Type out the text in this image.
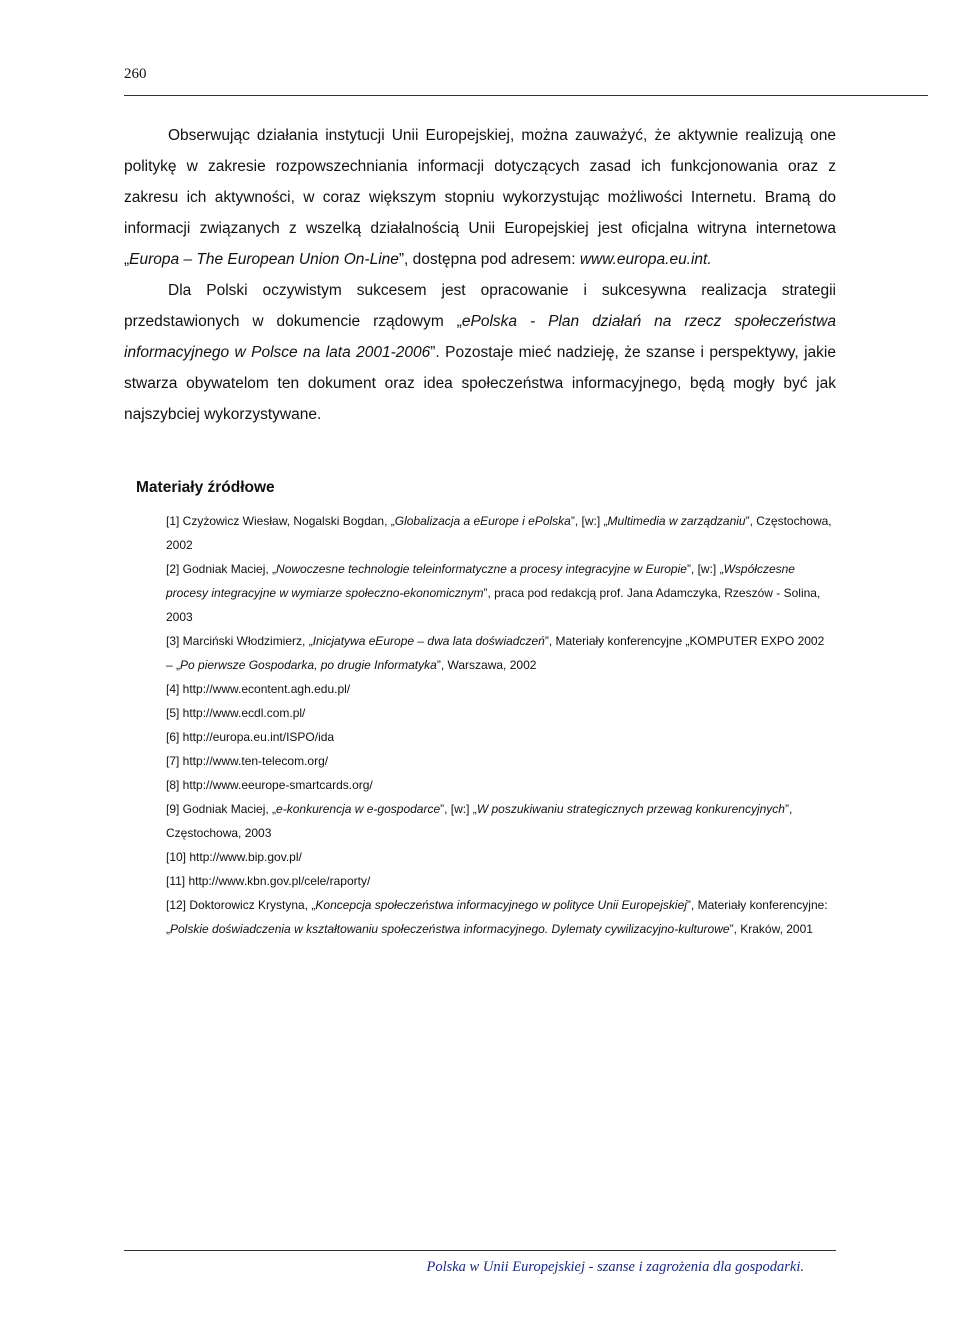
260

Obserwując działania instytucji Unii Europejskiej, można zauważyć, że aktywnie realizują one politykę w zakresie rozpowszechniania informacji dotyczących zasad ich funkcjonowania oraz z zakresu ich aktywności, w coraz większym stopniu wykorzystując możliwości Internetu. Bramą do informacji związanych z wszelką działalnością Unii Europejskiej jest oficjalna witryna internetowa „Europa – The European Union On-Line”, dostępna pod adresem: www.europa.eu.int.

Dla Polski oczywistym sukcesem jest opracowanie i sukcesywna realizacja strategii przedstawionych w dokumencie rządowym „ePolska - Plan działań na rzecz społeczeństwa informacyjnego w Polsce na lata 2001-2006”. Pozostaje mieć nadzieję, że szanse i perspektywy, jakie stwarza obywatelom ten dokument oraz idea społeczeństwa informacyjnego, będą mogły być jak najszybciej wykorzystywane.

Materiały źródłowe
[1] Czyżowicz Wiesław, Nogalski Bogdan, „Globalizacja a eEurope i ePolska”, [w:] „Multimedia w zarządzaniu”, Częstochowa, 2002
[2] Godniak Maciej, „Nowoczesne technologie teleinformatyczne a procesy integracyjne w Europie”, [w:] „Współczesne procesy integracyjne w wymiarze społeczno-ekonomicznym”, praca pod redakcją prof. Jana Adamczyka, Rzeszów - Solina, 2003
[3] Marciński Włodzimierz, „Inicjatywa eEurope – dwa lata doświadczeń”, Materiały konferencyjne „KOMPUTER EXPO 2002 – „Po pierwsze Gospodarka, po drugie Informatyka”, Warszawa, 2002
[4] http://www.econtent.agh.edu.pl/
[5] http://www.ecdl.com.pl/
[6] http://europa.eu.int/ISPO/ida
[7] http://www.ten-telecom.org/
[8] http://www.eeurope-smartcards.org/
[9] Godniak Maciej, „e-konkurencja w e-gospodarce”, [w:] „W poszukiwaniu strategicznych przewag konkurencyjnych”, Częstochowa, 2003
[10] http://www.bip.gov.pl/
[11] http://www.kbn.gov.pl/cele/raporty/
[12] Doktorowicz Krystyna, „Koncepcja społeczeństwa informacyjnego w polityce Unii Europejskiej”, Materiały konferencyjne: „Polskie doświadczenia w kształtowaniu społeczeństwa informacyjnego. Dylematy cywilizacyjno-kulturowe”, Kraków, 2001
Polska w Unii Europejskiej - szanse i zagrożenia dla gospodarki.
